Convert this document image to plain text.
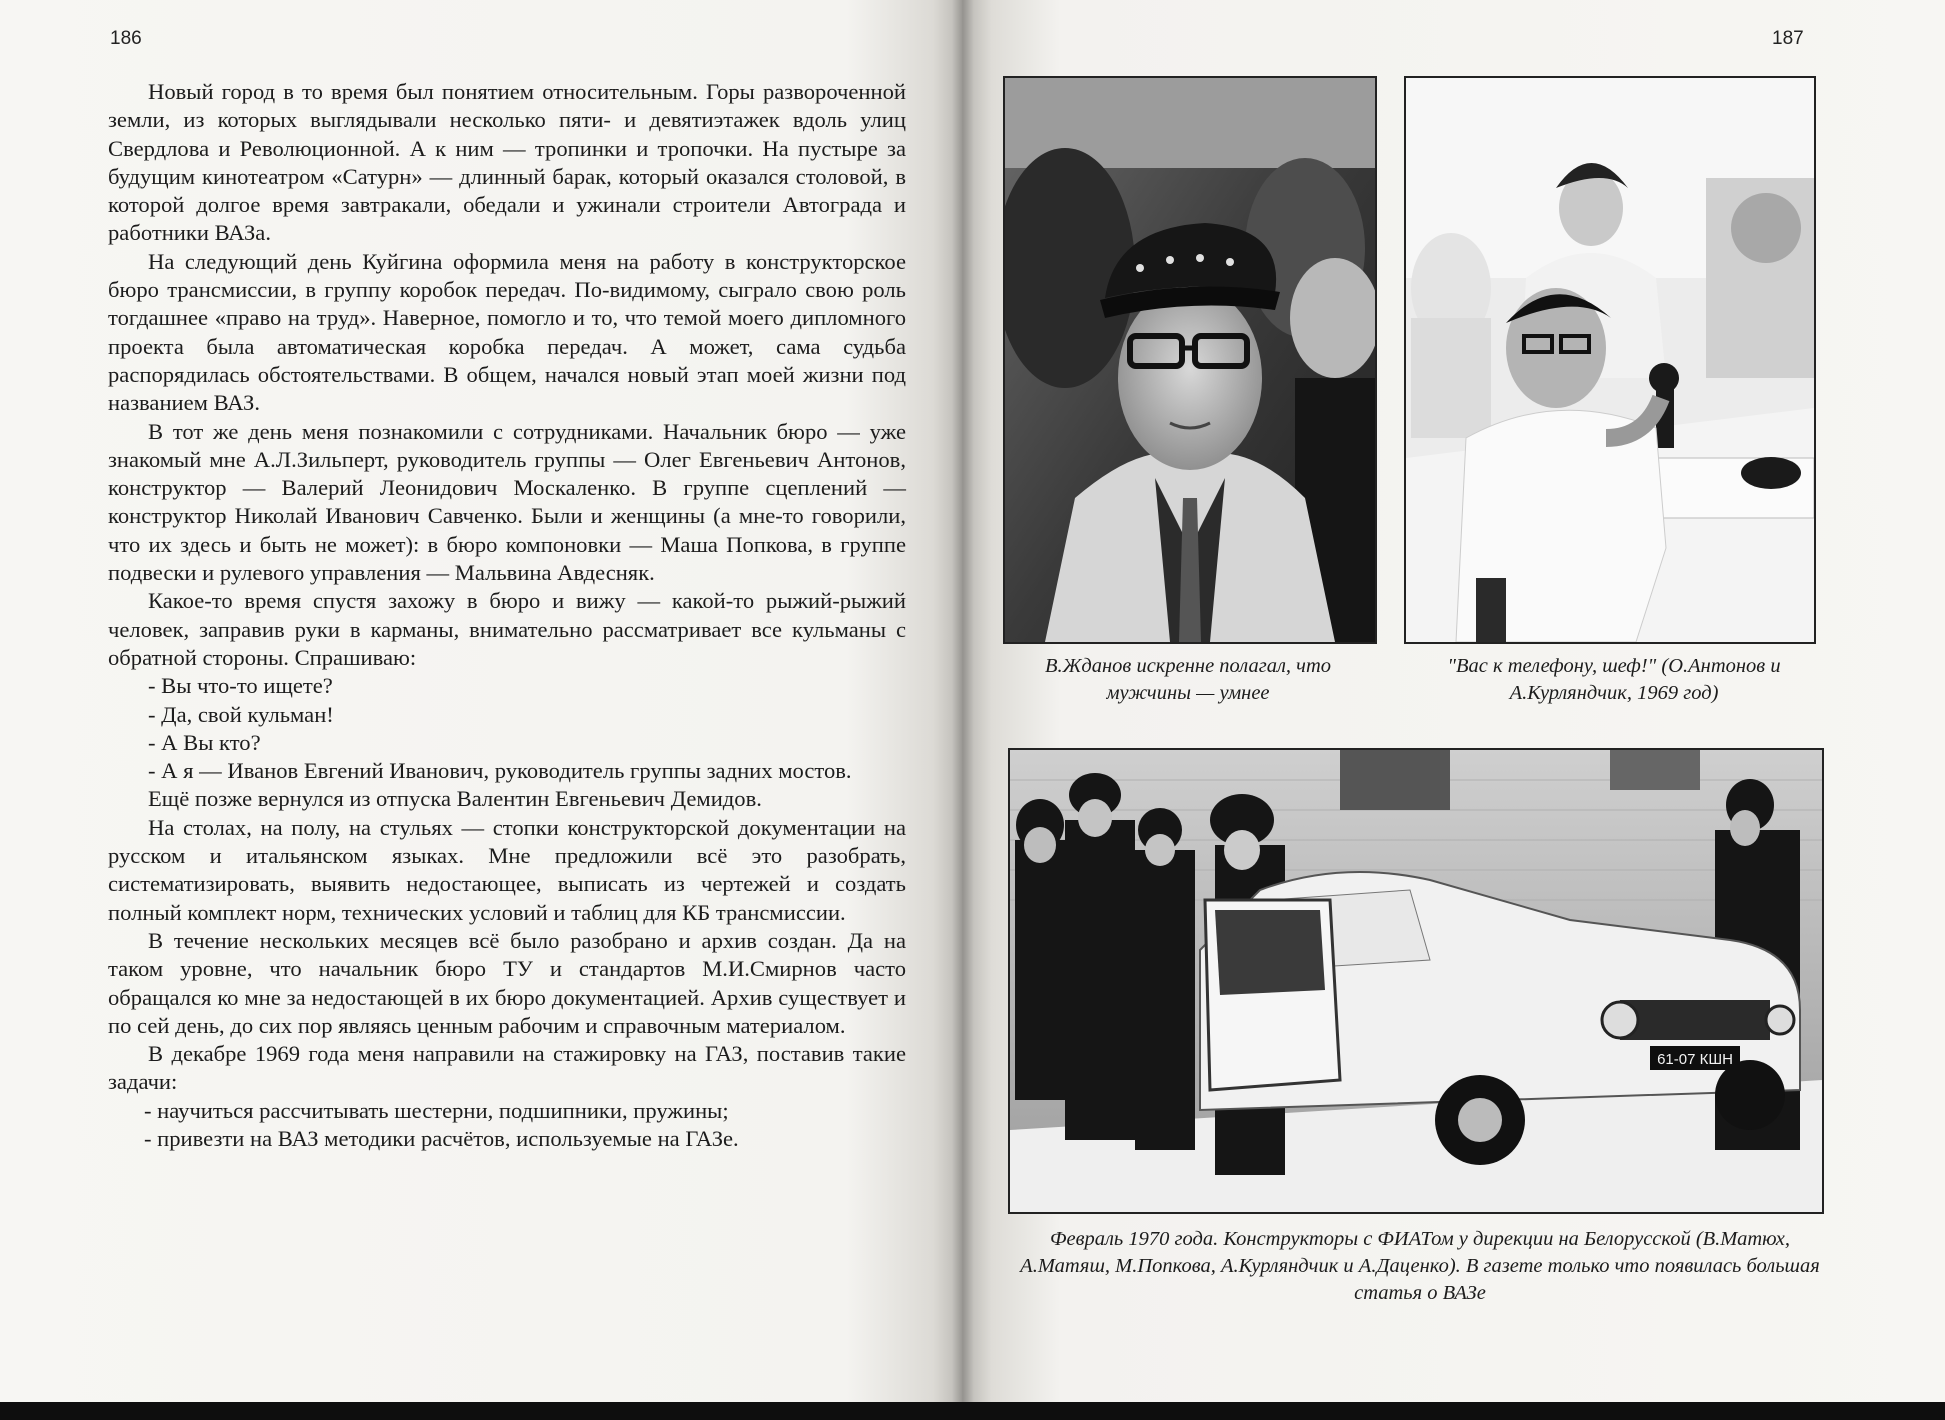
186

Новый город в то время был понятием относительным. Горы развороченной земли, из которых выглядывали несколько пяти- и девятиэтажек вдоль улиц Свердлова и Революционной. А к ним — тропинки и тропочки. На пустыре за будущим кинотеатром «Сатурн» — длинный барак, который оказался столовой, в которой долгое время завтракали, обедали и ужинали строители Автограда и работники ВАЗа.

На следующий день Куйгина оформила меня на работу в конструкторское бюро трансмиссии, в группу коробок передач. По-видимому, сыграло свою роль тогдашнее «право на труд». Наверное, помогло и то, что темой моего дипломного проекта была автоматическая коробка передач. А может, сама судьба распорядилась обстоятельствами. В общем, начался новый этап моей жизни под названием ВАЗ.

В тот же день меня познакомили с сотрудниками. Начальник бюро — уже знакомый мне А.Л.Зильперт, руководитель группы — Олег Евгеньевич Антонов, конструктор — Валерий Леонидович Москаленко. В группе сцеплений — конструктор Николай Иванович Савченко. Были и женщины (а мне-то говорили, что их здесь и быть не может): в бюро компоновки — Маша Попкова, в группе подвески и рулевого управления — Мальвина Авдесняк.

Какое-то время спустя захожу в бюро и вижу — какой-то рыжий-рыжий человек, заправив руки в карманы, внимательно рассматривает все кульманы с обратной стороны. Спрашиваю:

- Вы что-то ищете?

- Да, свой кульман!

- А Вы кто?

- А я — Иванов Евгений Иванович, руководитель группы задних мостов.

Ещё позже вернулся из отпуска Валентин Евгеньевич Демидов.

На столах, на полу, на стульях — стопки конструкторской документации на русском и итальянском языках. Мне предложили всё это разобрать, систематизировать, выявить недостающее, выписать из чертежей и создать полный комплект норм, технических условий и таблиц для КБ трансмиссии.

В течение нескольких месяцев всё было разобрано и архив создан. Да на таком уровне, что начальник бюро ТУ и стандартов М.И.Смирнов часто обращался ко мне за недостающей в их бюро документацией. Архив существует и по сей день, до сих пор являясь ценным рабочим и справочным материалом.

В декабре 1969 года меня направили на стажировку на ГАЗ, поставив такие задачи:

- научиться рассчитывать шестерни, подшипники, пружины;

- привезти на ВАЗ методики расчётов, используемые на ГАЗе.

187
61-07 КШН
В.Жданов искренне полагал, что мужчины — умнее
"Вас к телефону, шеф!" (О.Антонов и А.Курляндчик, 1969 год)
Февраль 1970 года. Конструкторы с ФИАТом у дирекции на Белорусской (В.Матюх, А.Матяш, М.Попкова, А.Курляндчик и А.Даценко). В газете только что появилась большая статья о ВАЗе
